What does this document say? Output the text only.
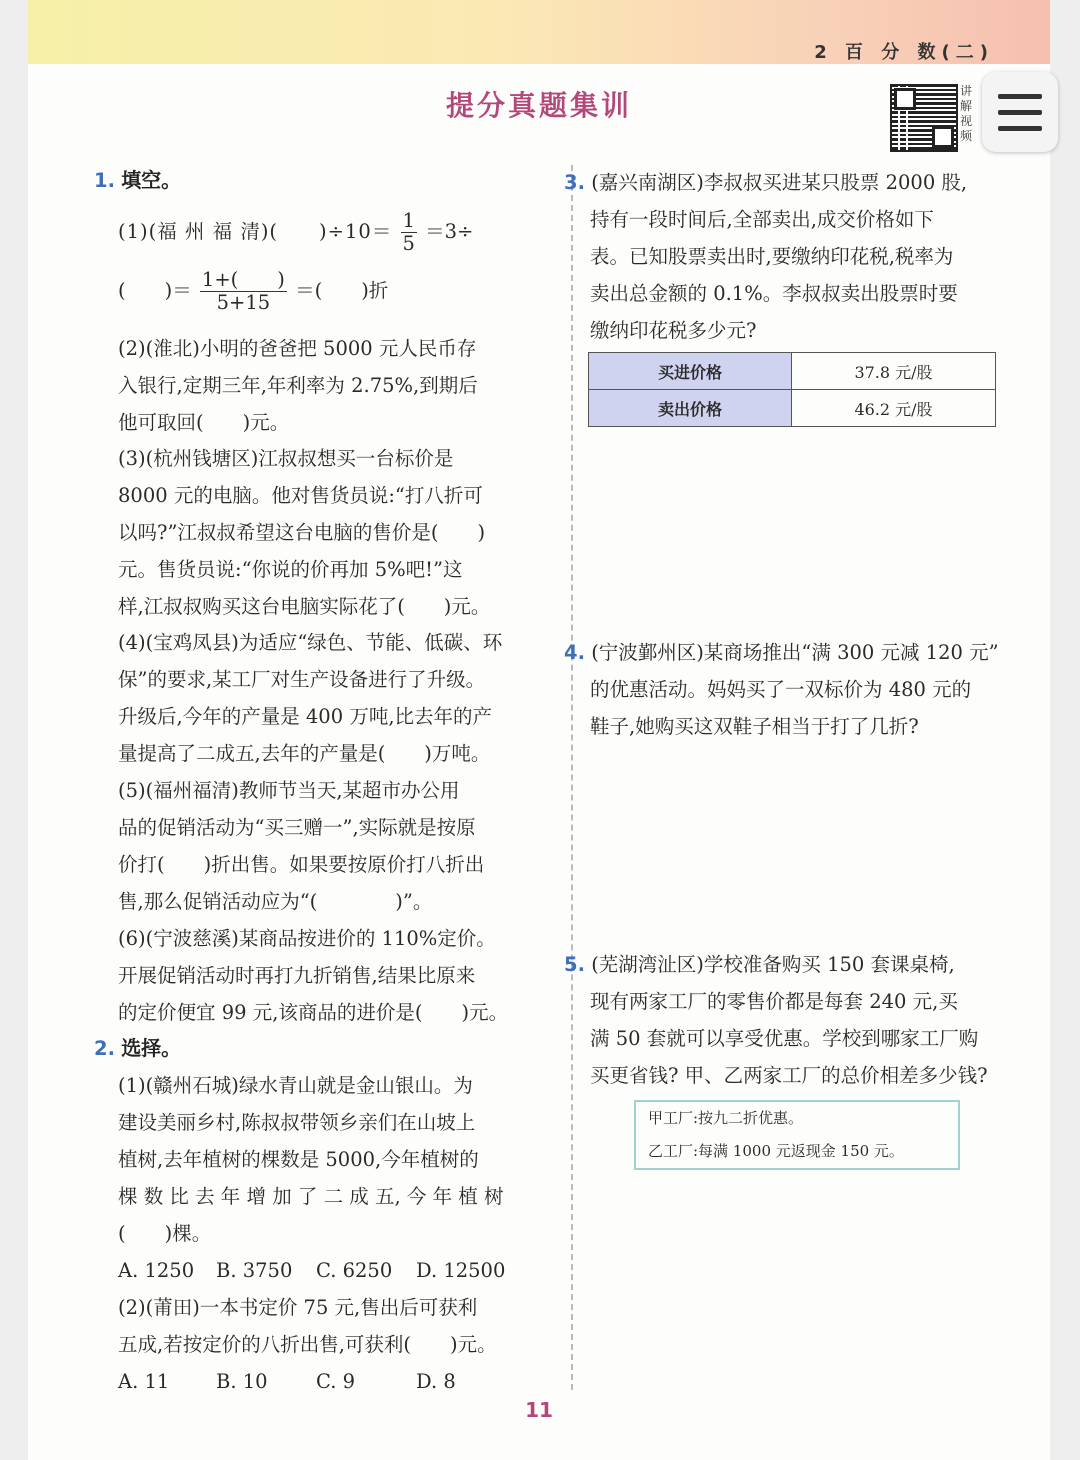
2 百 分 数(二)
提分真题集训	讲解视频
1. 填空。
(1)(福 州 福 清)(　　)$\div 10= \frac{1}{5} =3\div$
(　　)＝ $\frac{1+( )}{5+15}$ ＝(　　)折
(2)(淮北)小明的爸爸把 5000 元人民币存
入银行,定期三年,年利率为 2.75%,到期后
他可取回(　　)元。
(3)(杭州钱塘区)江叔叔想买一台标价是
8000 元的电脑。他对售货员说:“打八折可
以吗?”江叔叔希望这台电脑的售价是(　　)
元。售货员说:“你说的价再加 5%吧!”这
样,江叔叔购买这台电脑实际花了(　　)元。
(4)(宝鸡凤县)为适应“绿色、节能、低碳、环
保”的要求,某工厂对生产设备进行了升级。
升级后,今年的产量是 400 万吨,比去年的产
量提高了二成五,去年的产量是(　　)万吨。
(5)(福州福清)教师节当天,某超市办公用
品的促销活动为“买三赠一”,实际就是按原
价打(　　)折出售。如果要按原价打八折出
售,那么促销活动应为“(　　　　)”。
(6)(宁波慈溪)某商品按进价的 110%定价。
开展促销活动时再打九折销售,结果比原来
的定价便宜 99 元,该商品的进价是(　　)元。
2. 选择。
(1)(赣州石城)绿水青山就是金山银山。为
建设美丽乡村,陈叔叔带领乡亲们在山坡上
植树,去年植树的棵数是 5000,今年植树的
棵 数 比 去 年 增 加 了 二 成 五, 今 年 植 树
(　　)棵。
A. 1250 B. 3750 C. 6250 D. 12500
(2)(莆田)一本书定价 75 元,售出后可获利
五成,若按定价的八折出售,可获利(　　)元。
A. 11 B. 10 C. 9	D. 8
3. (嘉兴南湖区)李叔叔买进某只股票 2000 股,
持有一段时间后,全部卖出,成交价格如下
表。已知股票卖出时,要缴纳印花税,税率为
卖出总金额的 0.1%。李叔叔卖出股票时要
缴纳印花税多少元?
买进价格	37.8 元/股
卖出价格	46.2 元/股
4. (宁波鄞州区)某商场推出“满 300 元减 120 元”
的优惠活动。妈妈买了一双标价为 480 元的
鞋子,她购买这双鞋子相当于打了几折?
5. (芜湖湾沚区)学校准备购买 150 套课桌椅,
现有两家工厂的零售价都是每套 240 元,买
满 50 套就可以享受优惠。学校到哪家工厂购
买更省钱? 甲、乙两家工厂的总价相差多少钱?
甲工厂:按九二折优惠。
乙工厂:每满 1000 元返现金 150 元。
11
